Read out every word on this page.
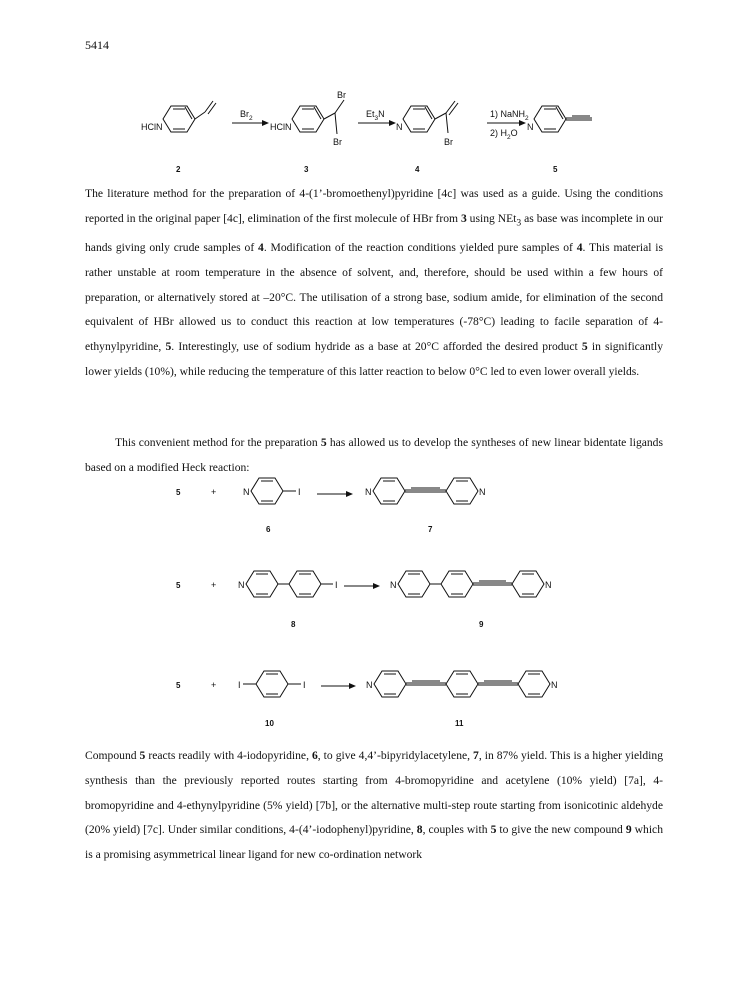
5414
HClN	HClN	N	N
Br
Br	Br
$Br_2$	$Et_3N$	1) NaNH$_2$
2) $H_2O$
2	3	4	5

The literature method for the preparation of 4-(1’-bromoethenyl)pyridine [4c] was used as a guide. Using the conditions reported in the original paper [4c], elimination of the first molecule of HBr from 3 using NEt$_3$ as base was incomplete in our hands giving only crude samples of 4. Modification of the reaction conditions yielded pure samples of 4. This material is rather unstable at room temperature in the absence of solvent, and, therefore, should be used within a few hours of preparation, or alternatively stored at –20°C. The utilisation of a strong base, sodium amide, for elimination of the second equivalent of HBr allowed us to conduct this reaction at low temperatures (-78°C) leading to facile separation of 4-ethynylpyridine, 5. Interestingly, use of sodium hydride as a base at 20°C afforded the desired product 5 in significantly lower yields (10%), while reducing the temperature of this latter reaction to below 0°C led to even lower overall yields.

This convenient method for the preparation 5 has allowed us to develop the syntheses of new linear bidentate ligands based on a modified Heck reaction:

5	+	N	I	N	N
6	7
5	+ N	I	N	N
8	9
5	+ I	I	N	N
10	11

Compound 5 reacts readily with 4-iodopyridine, 6, to give 4,4’-bipyridylacetylene, 7, in 87% yield. This is a higher yielding synthesis than the previously reported routes starting from 4-bromopyridine and acetylene (10% yield) [7a], 4-bromopyridine and 4-ethynylpyridine (5% yield) [7b], or the alternative multi-step route starting from isonicotinic aldehyde (20% yield) [7c]. Under similar conditions, 4-(4’-iodophenyl)pyridine, 8, couples with 5 to give the new compound 9 which is a promising asymmetrical linear ligand for new co-ordination network
